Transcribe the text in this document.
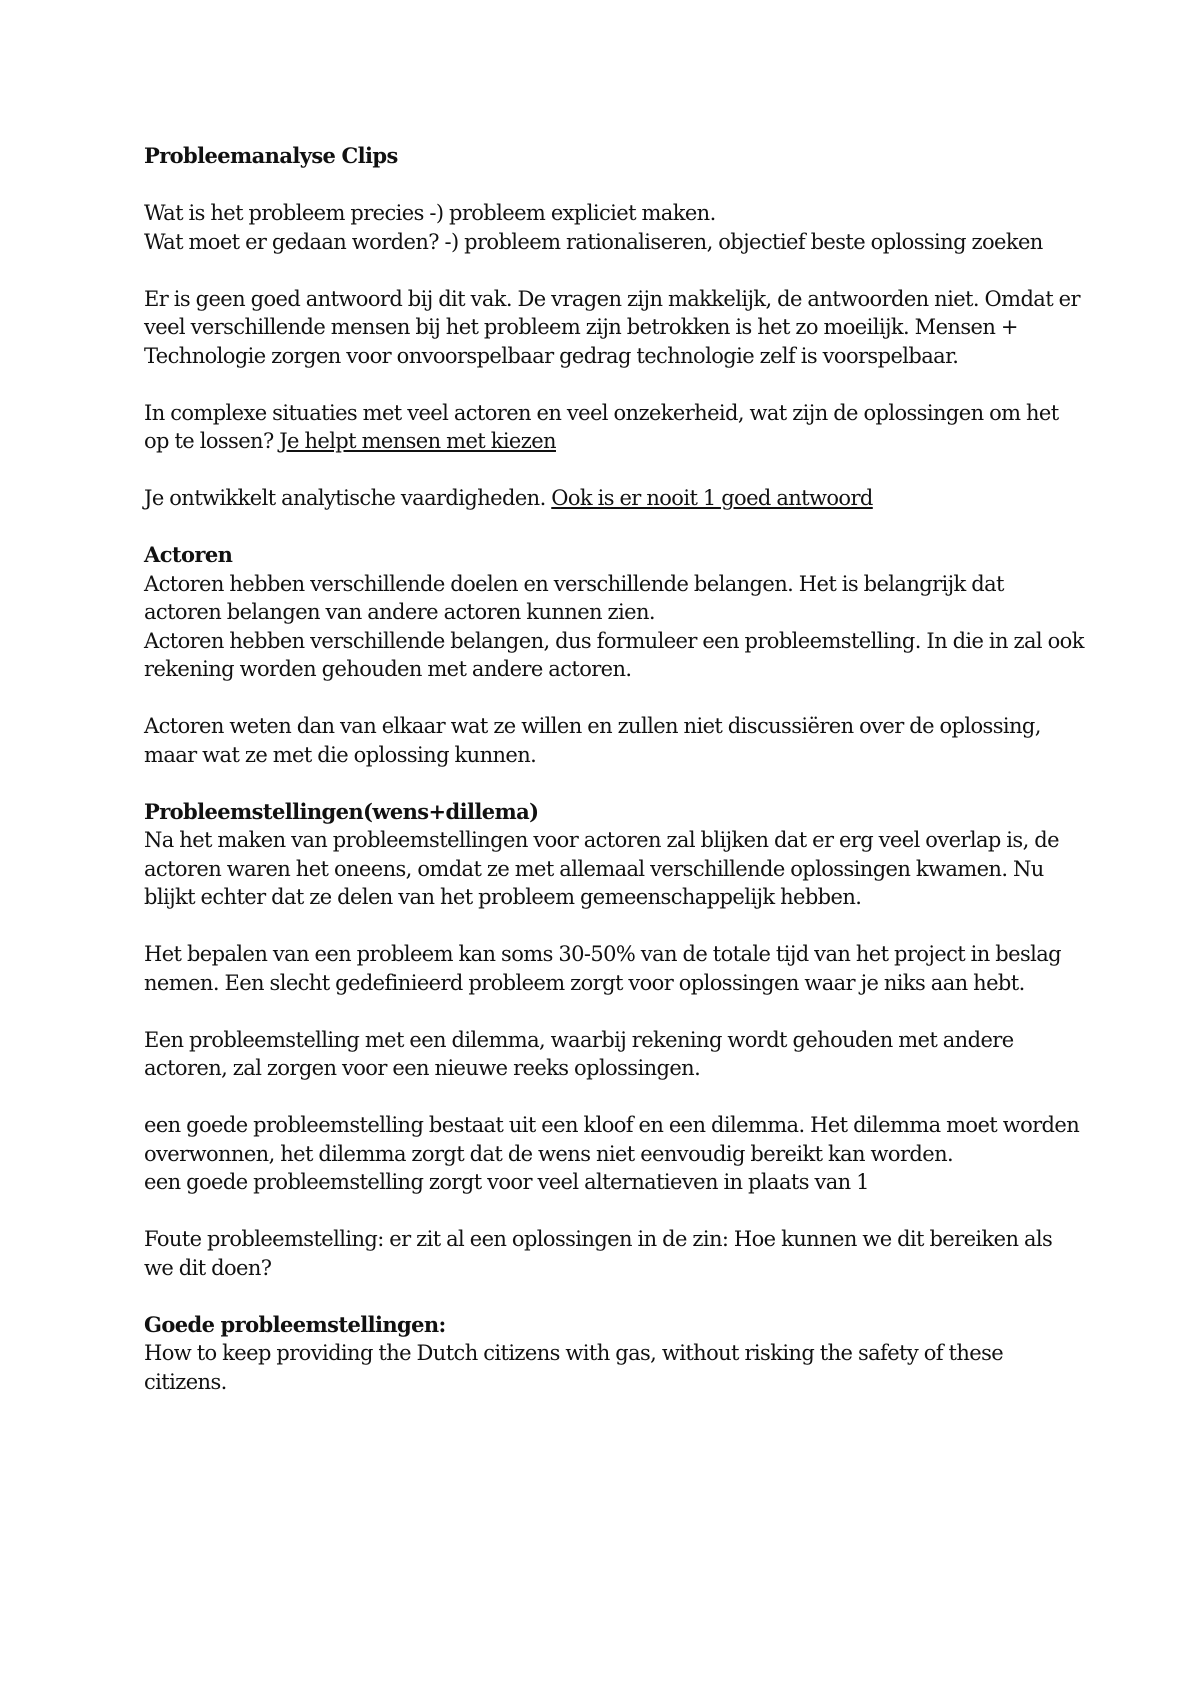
Probleemanalyse Clips

Wat is het probleem precies -) probleem expliciet maken.

Wat moet er gedaan worden? -) probleem rationaliseren, objectief beste oplossing zoeken

Er is geen goed antwoord bij dit vak. De vragen zijn makkelijk, de antwoorden niet. Omdat er veel verschillende mensen bij het probleem zijn betrokken is het zo moeilijk. Mensen + Technologie zorgen voor onvoorspelbaar gedrag technologie zelf is voorspelbaar.

In complexe situaties met veel actoren en veel onzekerheid, wat zijn de oplossingen om het op te lossen? Je helpt mensen met kiezen

Je ontwikkelt analytische vaardigheden. Ook is er nooit 1 goed antwoord

Actoren

Actoren hebben verschillende doelen en verschillende belangen. Het is belangrijk dat actoren belangen van andere actoren kunnen zien.

Actoren hebben verschillende belangen, dus formuleer een probleemstelling. In die in zal ook rekening worden gehouden met andere actoren.

Actoren weten dan van elkaar wat ze willen en zullen niet discussiëren over de oplossing, maar wat ze met die oplossing kunnen.

Probleemstellingen(wens+dillema)

Na het maken van probleemstellingen voor actoren zal blijken dat er erg veel overlap is, de actoren waren het oneens, omdat ze met allemaal verschillende oplossingen kwamen. Nu blijkt echter dat ze delen van het probleem gemeenschappelijk hebben.

Het bepalen van een probleem kan soms 30-50% van de totale tijd van het project in beslag nemen. Een slecht gedefinieerd probleem zorgt voor oplossingen waar je niks aan hebt.

Een probleemstelling met een dilemma, waarbij rekening wordt gehouden met andere actoren, zal zorgen voor een nieuwe reeks oplossingen.

een goede probleemstelling bestaat uit een kloof en een dilemma. Het dilemma moet worden overwonnen, het dilemma zorgt dat de wens niet eenvoudig bereikt kan worden.

een goede probleemstelling zorgt voor veel alternatieven in plaats van 1

Foute probleemstelling: er zit al een oplossingen in de zin: Hoe kunnen we dit bereiken als we dit doen?

Goede probleemstellingen:

How to keep providing the Dutch citizens with gas, without risking the safety of these citizens.
